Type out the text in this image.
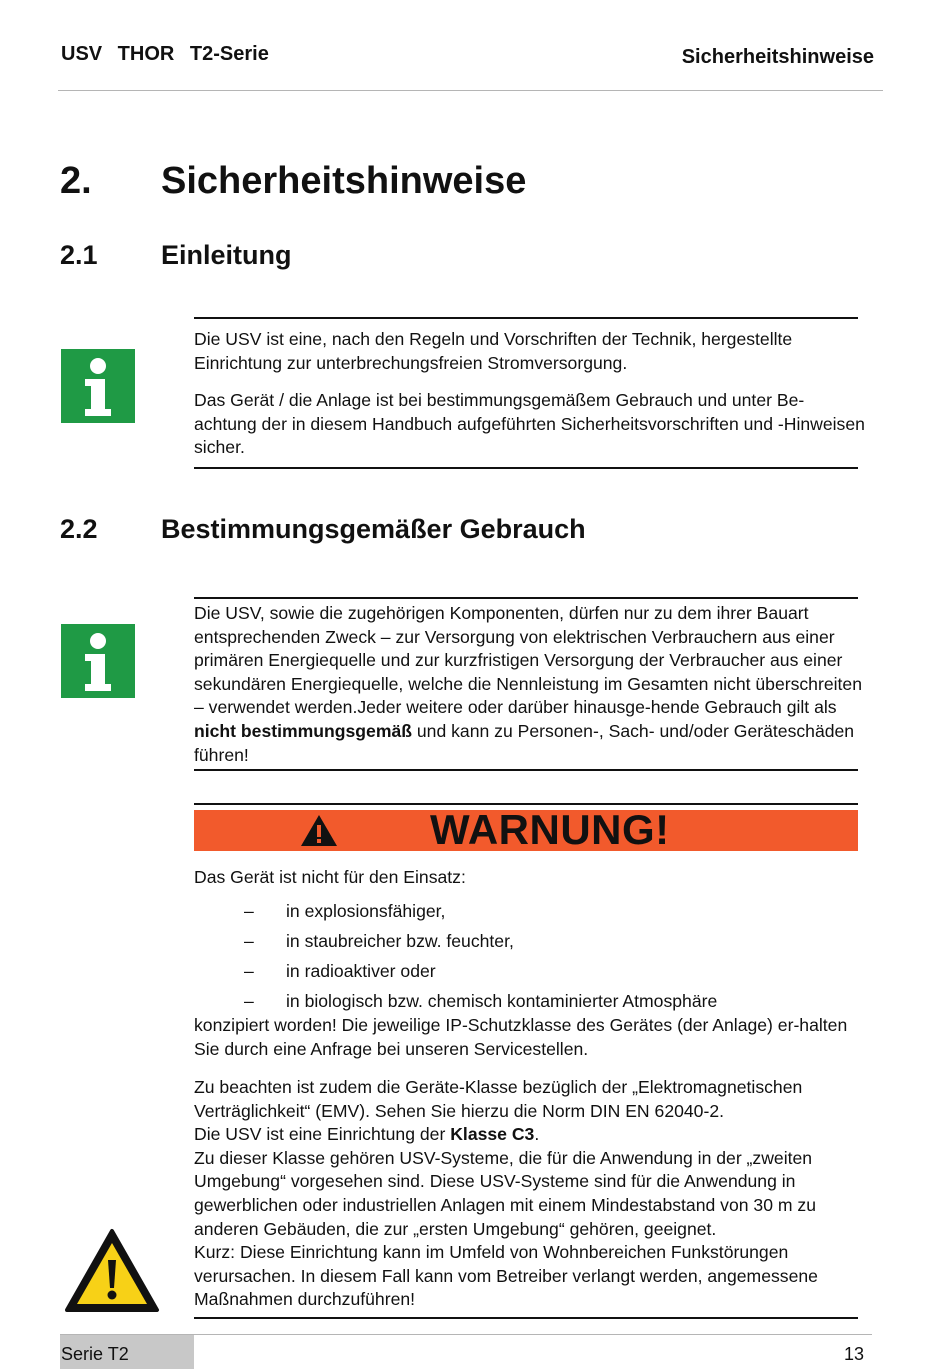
USV THOR T2-Serie	Sicherheitshinweise
2. Sicherheitshinweise
2.1 Einleitung

Die USV ist eine, nach den Regeln und Vorschriften der Technik, hergestellte Einrichtung zur unterbrechungsfreien Stromversorgung.

Das Gerät / die Anlage ist bei bestimmungsgemäßem Gebrauch und unter Be-achtung der in diesem Handbuch aufgeführten Sicherheitsvorschriften und -Hinweisen sicher.

2.2 Bestimmungsgemäßer Gebrauch

Die USV, sowie die zugehörigen Komponenten, dürfen nur zu dem ihrer Bauart entsprechenden Zweck – zur Versorgung von elektrischen Verbrauchern aus einer primären Energiequelle und zur kurzfristigen Versorgung der Verbraucher aus einer sekundären Energiequelle, welche die Nennleistung im Gesamten nicht überschreiten – verwendet werden.Jeder weitere oder darüber hinausge-hende Gebrauch gilt als nicht bestimmungsgemäß und kann zu Personen-, Sach- und/oder Geräteschäden führen!

WARNUNG!
Das Gerät ist nicht für den Einsatz:
– in explosionsfähiger,
– in staubreicher bzw. feuchter,
– in radioaktiver oder
– in biologisch bzw. chemisch kontaminierter Atmosphäre
konzipiert worden! Die jeweilige IP-Schutzklasse des Gerätes (der Anlage) er-halten Sie durch eine Anfrage bei unseren Servicestellen.

Zu beachten ist zudem die Geräte-Klasse bezüglich der „Elektromagnetischen Verträglichkeit“ (EMV). Sehen Sie hierzu die Norm DIN EN 62040-2.

Die USV ist eine Einrichtung der Klasse C3.

Zu dieser Klasse gehören USV-Systeme, die für die Anwendung in der „zweiten Umgebung“ vorgesehen sind. Diese USV-Systeme sind für die Anwendung in gewerblichen oder industriellen Anlagen mit einem Mindestabstand von 30 m zu anderen Gebäuden, die zur „ersten Umgebung“ gehören, geeignet.

Kurz: Diese Einrichtung kann im Umfeld von Wohnbereichen Funkstörungen verursachen. In diesem Fall kann vom Betreiber verlangt werden, angemessene Maßnahmen durchzuführen!

Serie T2	13
